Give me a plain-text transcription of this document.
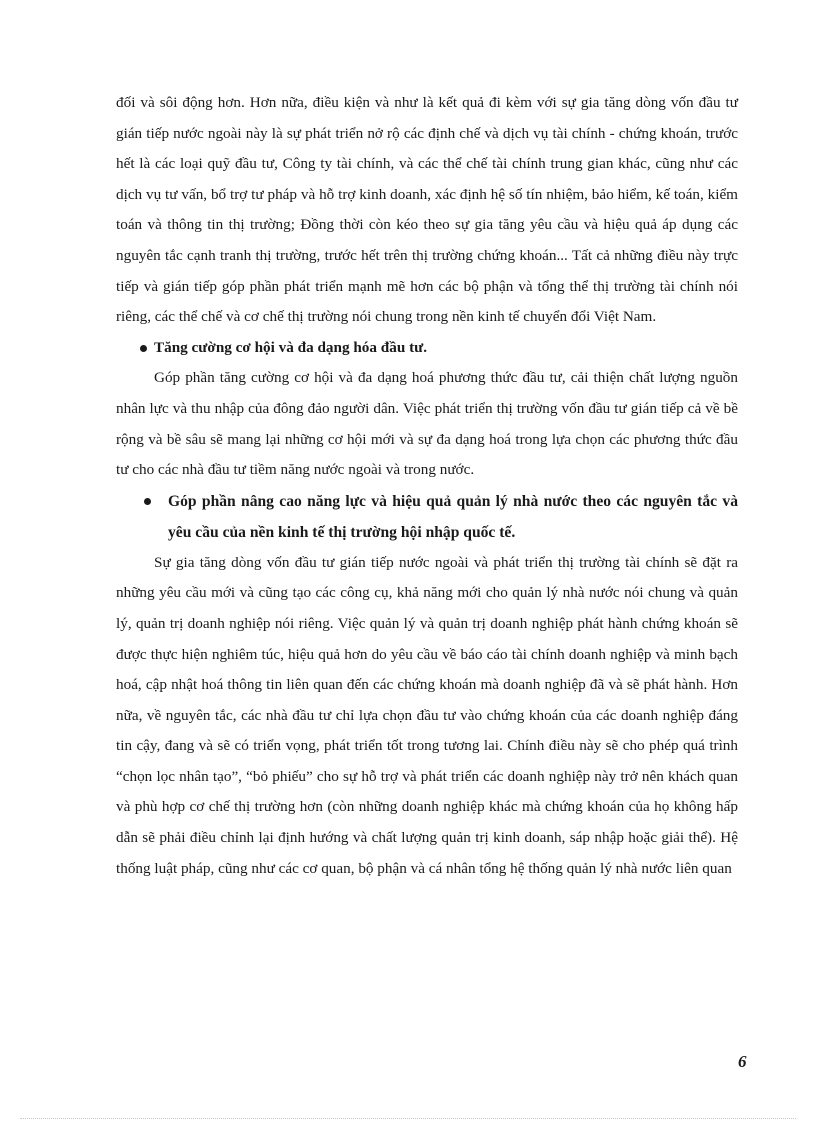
đối và sôi động hơn. Hơn nữa, điều kiện và như là kết quả đi kèm với sự gia tăng dòng vốn đầu tư gián tiếp nước ngoài này là sự phát triển nở rộ các định chế và dịch vụ tài chính - chứng khoán, trước hết là các loại quỹ đầu tư, Công ty tài chính, và các thể chế tài chính trung gian khác, cũng như các dịch vụ tư vấn, bổ trợ tư pháp và hỗ trợ kinh doanh, xác định hệ số tín nhiệm, bảo hiểm, kế toán, kiểm toán và thông tin thị trường; Đồng thời còn kéo theo sự gia tăng yêu cầu và hiệu quả áp dụng các nguyên tắc cạnh tranh thị trường, trước hết trên thị trường chứng khoán... Tất cả những điều này trực tiếp và gián tiếp góp phần phát triển mạnh mẽ hơn các bộ phận và tổng thể thị trường tài chính nói riêng, các thể chế và cơ chế thị trường nói chung trong nền kinh tế chuyển đổi Việt Nam.

Tăng cường cơ hội và đa dạng hóa đầu tư.

Góp phần tăng cường cơ hội và đa dạng hoá phương thức đầu tư, cải thiện chất lượng nguồn nhân lực và thu nhập của đông đảo người dân. Việc phát triển thị trường vốn đầu tư gián tiếp cả về bề rộng và bề sâu sẽ mang lại những cơ hội mới và sự đa dạng hoá trong lựa chọn các phương thức đầu tư cho các nhà đầu tư tiềm năng nước ngoài và trong nước.

Góp phần nâng cao năng lực và hiệu quả quản lý nhà nước theo các nguyên tắc và yêu cầu của nền kinh tế thị trường hội nhập quốc tế.

Sự gia tăng dòng vốn đầu tư gián tiếp nước ngoài và phát triển thị trường tài chính sẽ đặt ra những yêu cầu mới và cũng tạo các công cụ, khả năng mới cho quản lý nhà nước nói chung và quản lý, quản trị doanh nghiệp nói riêng. Việc quản lý và quản trị doanh nghiệp phát hành chứng khoán sẽ được thực hiện nghiêm túc, hiệu quả hơn do yêu cầu về báo cáo tài chính doanh nghiệp và minh bạch hoá, cập nhật hoá thông tin liên quan đến các chứng khoán mà doanh nghiệp đã và sẽ phát hành. Hơn nữa, về nguyên tắc, các nhà đầu tư chỉ lựa chọn đầu tư vào chứng khoán của các doanh nghiệp đáng tin cậy, đang và sẽ có triển vọng, phát triển tốt trong tương lai. Chính điều này sẽ cho phép quá trình “chọn lọc nhân tạo”, “bỏ phiếu” cho sự hỗ trợ và phát triển các doanh nghiệp này trở nên khách quan và phù hợp cơ chế thị trường hơn (còn những doanh nghiệp khác mà chứng khoán của họ không hấp dẫn sẽ phải điều chỉnh lại định hướng và chất lượng quản trị kinh doanh, sáp nhập hoặc giải thể). Hệ thống luật pháp, cũng như các cơ quan, bộ phận và cá nhân tổng hệ thống quản lý nhà nước liên quan

6
